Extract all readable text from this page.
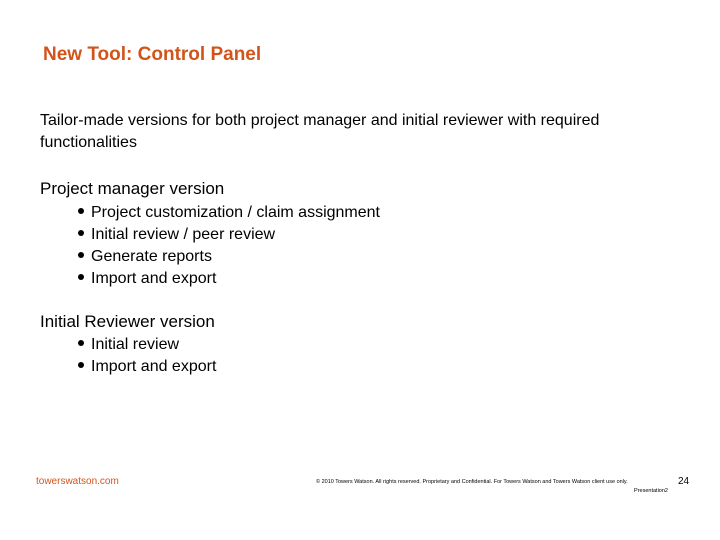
New Tool: Control Panel
Tailor-made versions for both project manager and initial reviewer with required functionalities
Project manager version
Project customization / claim assignment
Initial review / peer review
Generate reports
Import and export
Initial Reviewer version
Initial review
Import and export
towerswatson.com	© 2010 Towers Watson. All rights reserved. Proprietary and Confidential. For Towers Watson and Towers Watson client use only.
Presentation2
24
